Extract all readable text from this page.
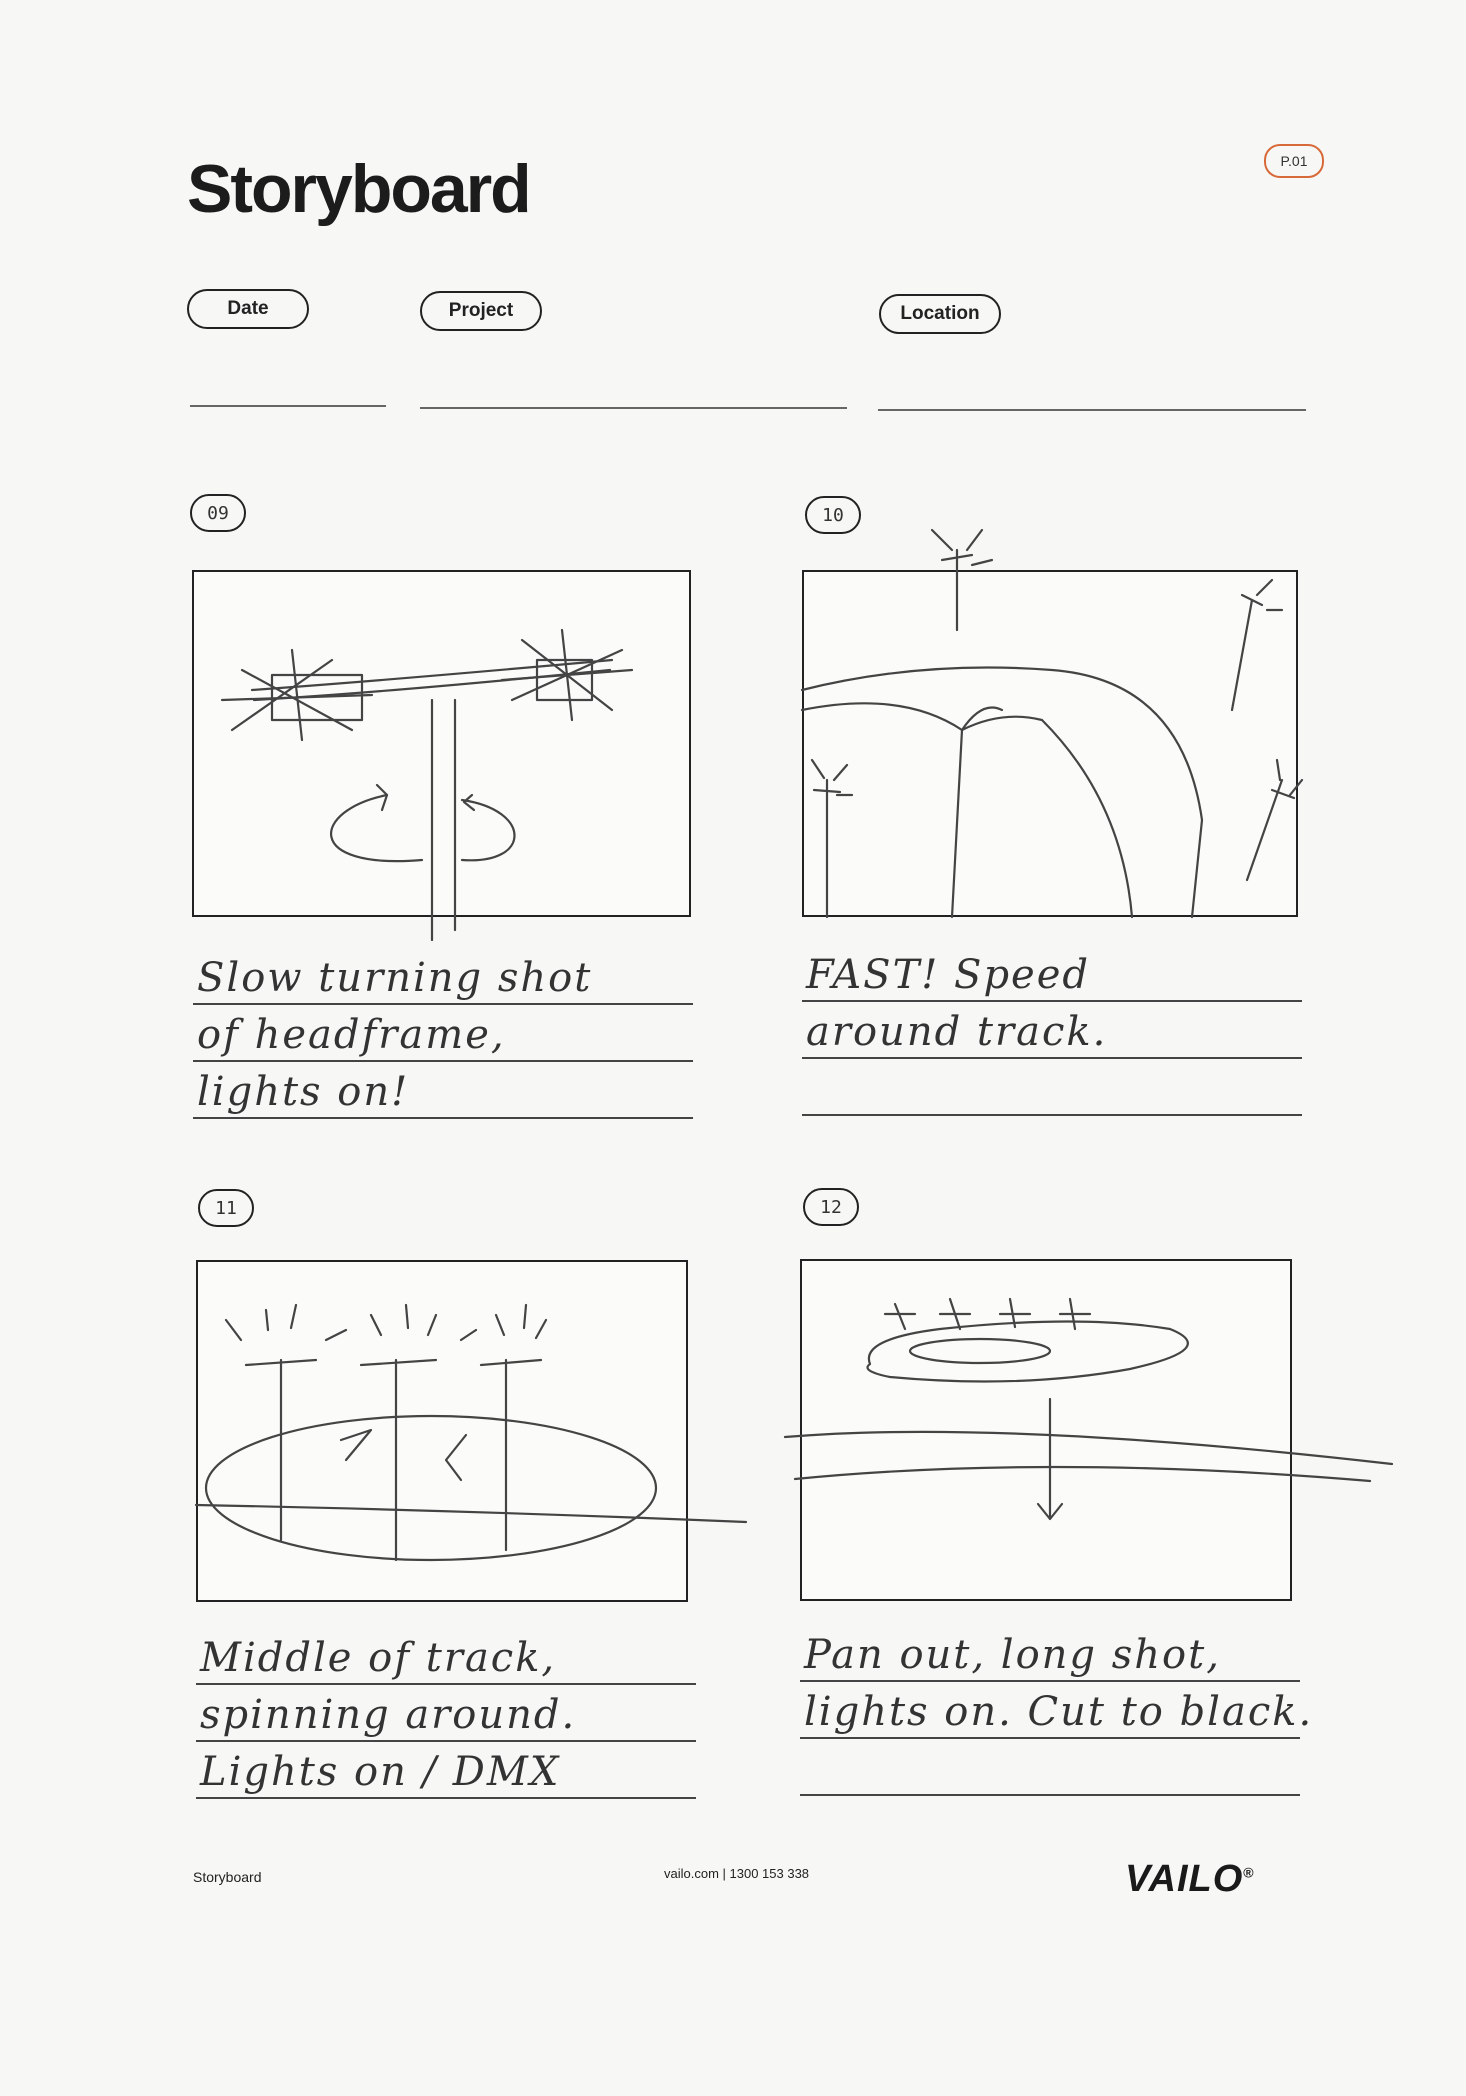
Storyboard	P.01
Date	Project	Location
09
Slow turning shot
of headframe,
lights on!
10
FAST! Speed
around track.
11
Middle of track,
spinning around.
Lights on / DMX
12
Pan out, long shot,
lights on. Cut to black.
Storyboard	vailo.com | 1300 153 338	VAILO®
